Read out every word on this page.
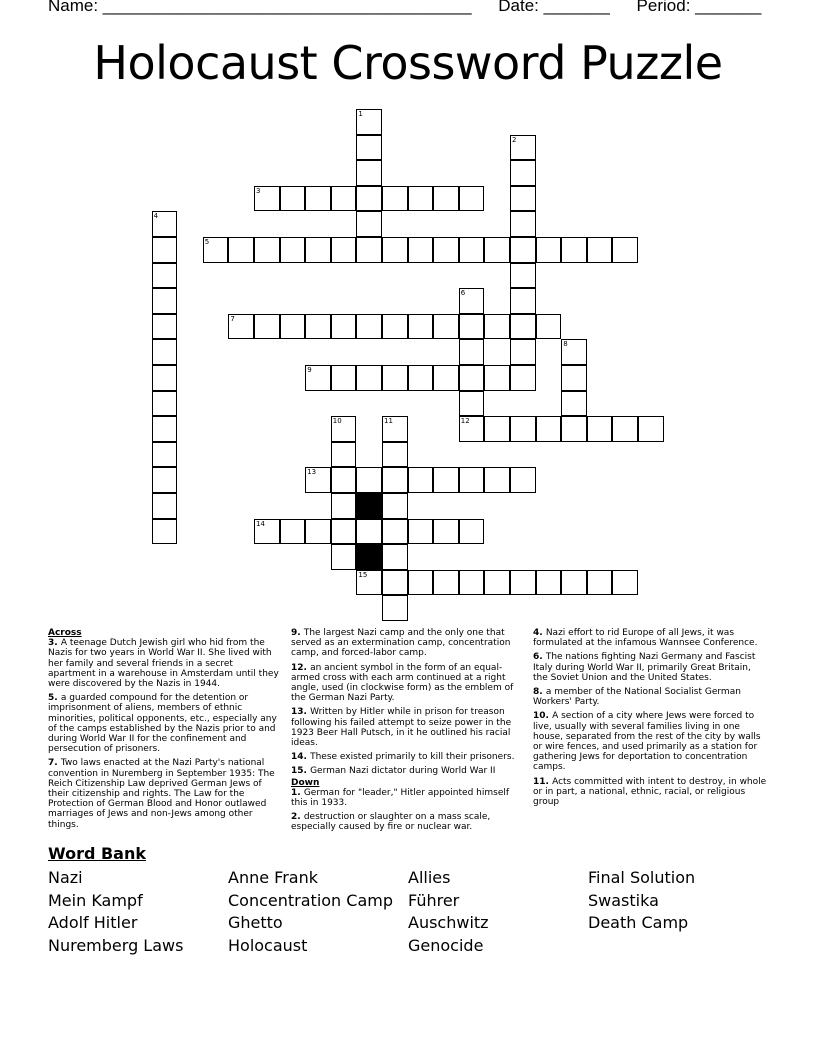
Name: _______________________________________ Date: _______ Period: _______
Holocaust Crossword Puzzle
1
2
3
4
5
6
12
7
8
9
10	11
13
14
15
Across
3. A teenage Dutch Jewish girl who hid from the Nazis for two years in World War II. She lived with her family and several friends in a secret apartment in a warehouse in Amsterdam until they were discovered by the Nazis in 1944.
5. a guarded compound for the detention or imprisonment of aliens, members of ethnic minorities, political opponents, etc., especially any of the camps established by the Nazis prior to and during World War II for the confinement and persecution of prisoners.
7. Two laws enacted at the Nazi Party's national convention in Nuremberg in September 1935: The Reich Citizenship Law deprived German Jews of their citizenship and rights. The Law for the Protection of German Blood and Honor outlawed marriages of Jews and non-Jews among other things.
9. The largest Nazi camp and the only one that served as an extermination camp, concentration camp, and forced-labor camp.
12. an ancient symbol in the form of an equal-armed cross with each arm continued at a right angle, used (in clockwise form) as the emblem of the German Nazi Party.
13. Written by Hitler while in prison for treason following his failed attempt to seize power in the 1923 Beer Hall Putsch, in it he outlined his racial ideas.
14. These existed primarily to kill their prisoners.
15. German Nazi dictator during World War II
Down
1. German for "leader," Hitler appointed himself this in 1933.
2. destruction or slaughter on a mass scale, especially caused by fire or nuclear war.
4. Nazi effort to rid Europe of all Jews, it was formulated at the infamous Wannsee Conference.
6. The nations fighting Nazi Germany and Fascist Italy during World War II, primarily Great Britain, the Soviet Union and the United States.
8. a member of the National Socialist German Workers' Party.
10. A section of a city where Jews were forced to live, usually with several families living in one house, separated from the rest of the city by walls or wire fences, and used primarily as a station for gathering Jews for deportation to concentration camps.
11. Acts committed with intent to destroy, in whole or in part, a national, ethnic, racial, or religious group
Word Bank
Nazi
Mein Kampf
Adolf Hitler
Nuremberg Laws
Anne Frank
Concentration Camp
Ghetto
Holocaust
Allies
Führer
Auschwitz
Genocide
Final Solution
Swastika
Death Camp
